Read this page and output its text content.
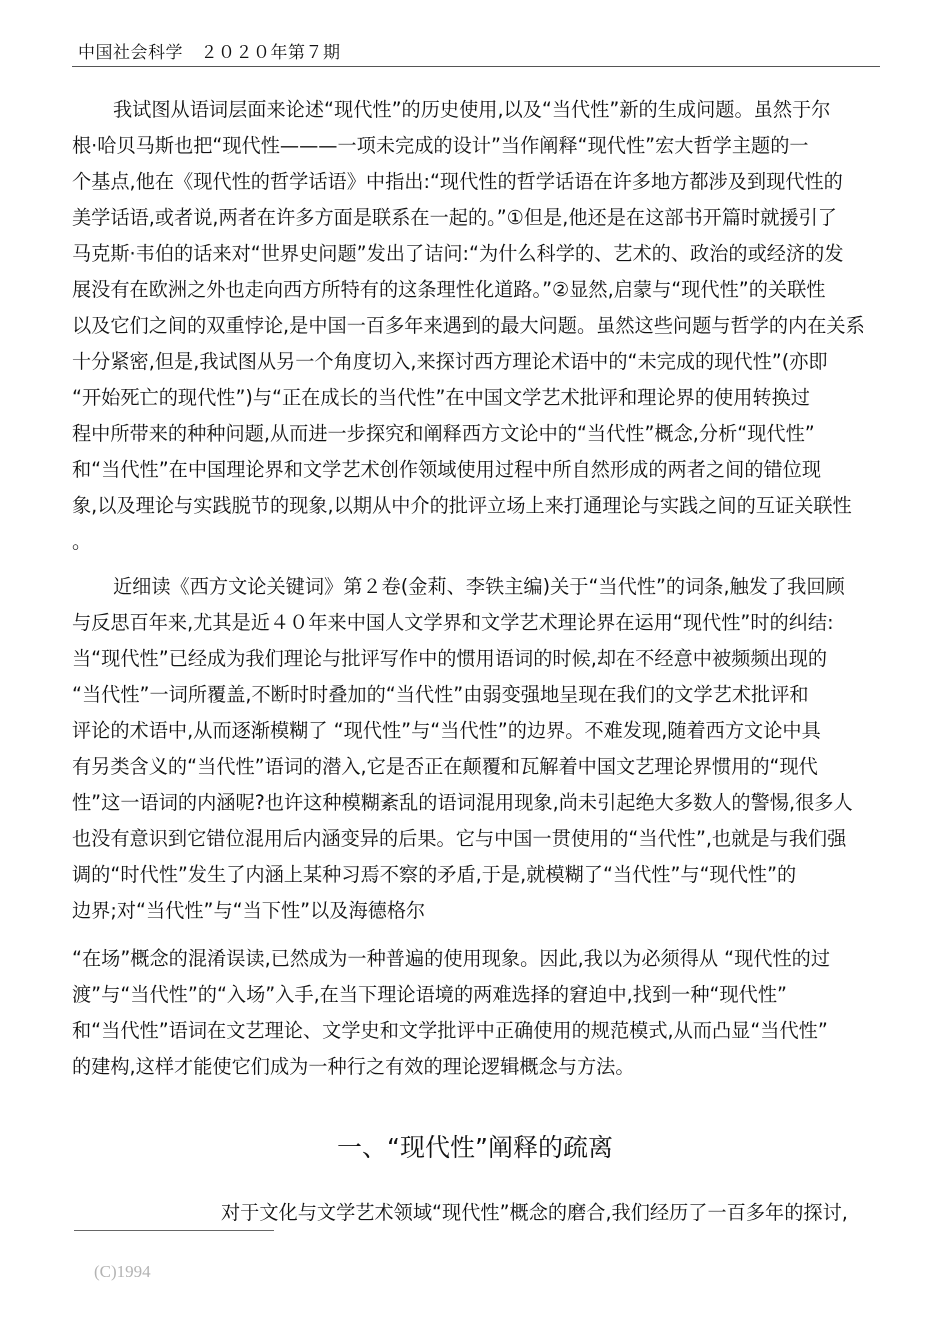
中国社会科学　２０２０年第７期
我试图从语词层面来论述“现代性”的历史使用,以及“当代性”新的生成问题。虽然于尔
根·哈贝马斯也把“现代性———一项未完成的设计”当作阐释“现代性”宏大哲学主题的一
个基点,他在《现代性的哲学话语》中指出:“现代性的哲学话语在许多地方都涉及到现代性的
美学话语,或者说,两者在许多方面是联系在一起的。”①但是,他还是在这部书开篇时就援引了
马克斯·韦伯的话来对“世界史问题”发出了诘问:“为什么科学的、艺术的、政治的或经济的发
展没有在欧洲之外也走向西方所特有的这条理性化道路。”②显然,启蒙与“现代性”的关联性
以及它们之间的双重悖论,是中国一百多年来遇到的最大问题。虽然这些问题与哲学的内在关系
十分紧密,但是,我试图从另一个角度切入,来探讨西方理论术语中的“未完成的现代性”(亦即
“开始死亡的现代性”)与“正在成长的当代性”在中国文学艺术批评和理论界的使用转换过
程中所带来的种种问题,从而进一步探究和阐释西方文论中的“当代性”概念,分析“现代性”
和“当代性”在中国理论界和文学艺术创作领域使用过程中所自然形成的两者之间的错位现
象,以及理论与实践脱节的现象,以期从中介的批评立场上来打通理论与实践之间的互证关联性
。
近细读《西方文论关键词》第２卷(金莉、李铁主编)关于“当代性”的词条,触发了我回顾
与反思百年来,尤其是近４０年来中国人文学界和文学艺术理论界在运用“现代性”时的纠结:
当“现代性”已经成为我们理论与批评写作中的惯用语词的时候,却在不经意中被频频出现的
“当代性”一词所覆盖,不断时时叠加的“当代性”由弱变强地呈现在我们的文学艺术批评和
评论的术语中,从而逐渐模糊了 “现代性”与“当代性”的边界。不难发现,随着西方文论中具
有另类含义的“当代性”语词的潜入,它是否正在颠覆和瓦解着中国文艺理论界惯用的“现代
性”这一语词的内涵呢?也许这种模糊紊乱的语词混用现象,尚未引起绝大多数人的警惕,很多人
也没有意识到它错位混用后内涵变异的后果。它与中国一贯使用的“当代性”,也就是与我们强
调的“时代性”发生了内涵上某种习焉不察的矛盾,于是,就模糊了“当代性”与“现代性”的
边界;对“当代性”与“当下性”以及海德格尔
“在场”概念的混淆误读,已然成为一种普遍的使用现象。因此,我以为必须得从 “现代性的过
渡”与“当代性”的“入场”入手,在当下理论语境的两难选择的窘迫中,找到一种“现代性”
和“当代性”语词在文艺理论、文学史和文学批评中正确使用的规范模式,从而凸显“当代性”
的建构,这样才能使它们成为一种行之有效的理论逻辑概念与方法。
一、“现代性”阐释的疏离
对于文化与文学艺术领域“现代性”概念的磨合,我们经历了一百多年的探讨,
(C)1994
